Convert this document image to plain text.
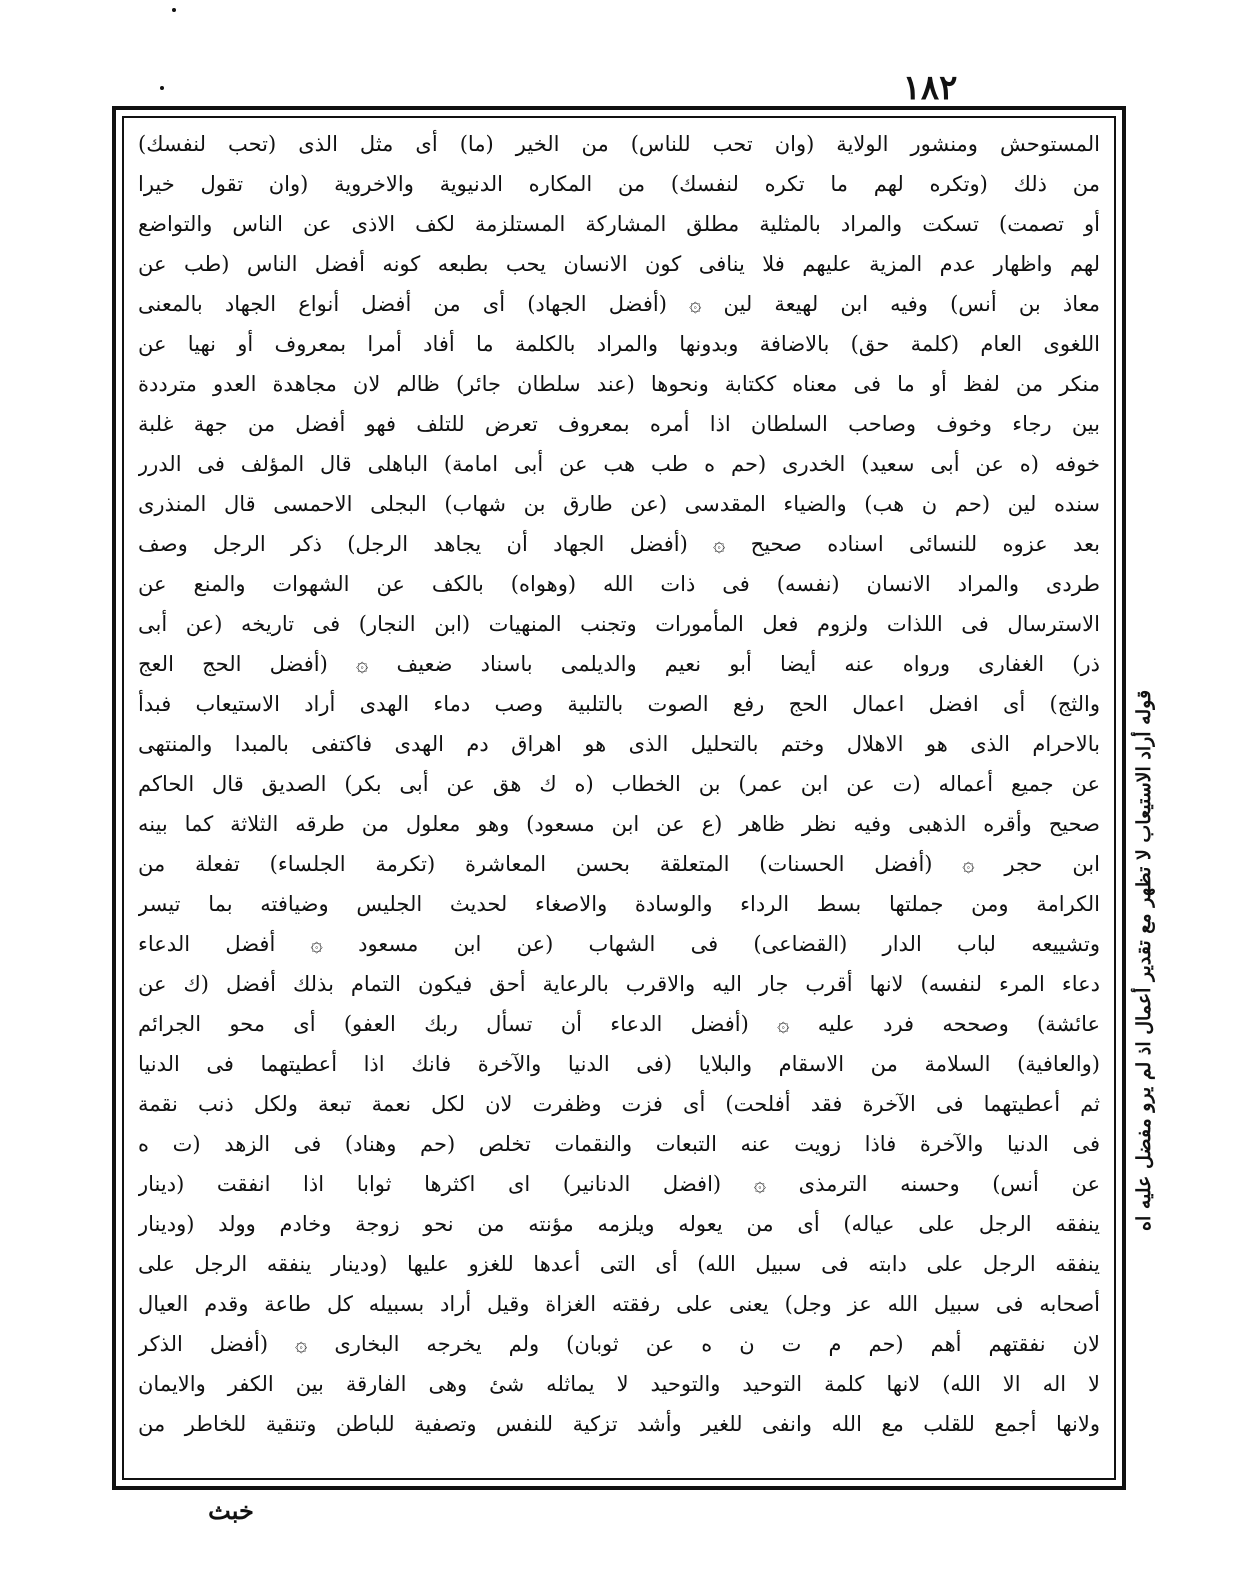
١٨٢
المستوحش ومنشور الولاية (وان تحب للناس) من الخير (ما) أى مثل الذى (تحب لنفسك)
من ذلك (وتكره لهم ما تكره لنفسك) من المكاره الدنيوية والاخروية (وان تقول خيرا
أو تصمت) تسكت والمراد بالمثلية مطلق المشاركة المستلزمة لكف الاذى عن الناس والتواضع
لهم واظهار عدم المزية عليهم فلا ينافى كون الانسان يحب بطبعه كونه أفضل الناس (طب عن
معاذ بن أنس) وفيه ابن لهيعة لين ۞ (أفضل الجهاد) أى من أفضل أنواع الجهاد بالمعنى
اللغوى العام (كلمة حق) بالاضافة وبدونها والمراد بالكلمة ما أفاد أمرا بمعروف أو نهيا عن
منكر من لفظ أو ما فى معناه ككتابة ونحوها (عند سلطان جائر) ظالم لان مجاهدة العدو مترددة
بين رجاء وخوف وصاحب السلطان اذا أمره بمعروف تعرض للتلف فهو أفضل من جهة غلبة
خوفه (ه عن أبى سعيد) الخدرى (حم ه طب هب عن أبى امامة) الباهلى قال المؤلف فى الدرر
سنده لين (حم ن هب) والضياء المقدسى (عن طارق بن شهاب) البجلى الاحمسى قال المنذرى
بعد عزوه للنسائى اسناده صحيح ۞ (أفضل الجهاد أن يجاهد الرجل) ذكر الرجل وصف
طردى والمراد الانسان (نفسه) فى ذات الله (وهواه) بالكف عن الشهوات والمنع عن
الاسترسال فى اللذات ولزوم فعل المأمورات وتجنب المنهيات (ابن النجار) فى تاريخه (عن أبى
ذر) الغفارى ورواه عنه أيضا أبو نعيم والديلمى باسناد ضعيف ۞ (أفضل الحج العج
والثج) أى افضل اعمال الحج رفع الصوت بالتلبية وصب دماء الهدى أراد الاستيعاب فبدأ
بالاحرام الذى هو الاهلال وختم بالتحليل الذى هو اهراق دم الهدى فاكتفى بالمبدا والمنتهى
عن جميع أعماله (ت عن ابن عمر) بن الخطاب (ه ك هق عن أبى بكر) الصديق قال الحاكم
صحيح وأقره الذهبى وفيه نظر ظاهر (ع عن ابن مسعود) وهو معلول من طرقه الثلاثة كما بينه
ابن حجر ۞ (أفضل الحسنات) المتعلقة بحسن المعاشرة (تكرمة الجلساء) تفعلة من
الكرامة ومن جملتها بسط الرداء والوسادة والاصغاء لحديث الجليس وضيافته بما تيسر
وتشييعه لباب الدار (القضاعى) فى الشهاب (عن ابن مسعود ۞ أفضل الدعاء
دعاء المرء لنفسه) لانها أقرب جار اليه والاقرب بالرعاية أحق فيكون التمام بذلك أفضل (ك عن
عائشة) وصححه فرد عليه ۞ (أفضل الدعاء أن تسأل ربك العفو) أى محو الجرائم
(والعافية) السلامة من الاسقام والبلايا (فى الدنيا والآخرة فانك اذا أعطيتهما فى الدنيا
ثم أعطيتهما فى الآخرة فقد أفلحت) أى فزت وظفرت لان لكل نعمة تبعة ولكل ذنب نقمة
فى الدنيا والآخرة فاذا زويت عنه التبعات والنقمات تخلص (حم وهناد) فى الزهد (ت ه
عن أنس) وحسنه الترمذى ۞ (افضل الدنانير) اى اكثرها ثوابا اذا انفقت (دينار
ينفقه الرجل على عياله) أى من يعوله ويلزمه مؤنته من نحو زوجة وخادم وولد (ودينار
ينفقه الرجل على دابته فى سبيل الله) أى التى أعدها للغزو عليها (ودينار ينفقه الرجل على
أصحابه فى سبيل الله عز وجل) يعنى على رفقته الغزاة وقيل أراد بسبيله كل طاعة وقدم العيال
لان نفقتهم أهم (حم م ت ن ه عن ثوبان) ولم يخرجه البخارى ۞ (أفضل الذكر
لا اله الا الله) لانها كلمة التوحيد والتوحيد لا يماثله شئ وهى الفارقة بين الكفر والايمان
ولانها أجمع للقلب مع الله وانفى للغير وأشد تزكية للنفس وتصفية للباطن وتنقية للخاطر من
قوله أراد الاستيعاب لا تظهر مع تقدير أعمال اذ لم يرو مفضل عليه اه
خبث
